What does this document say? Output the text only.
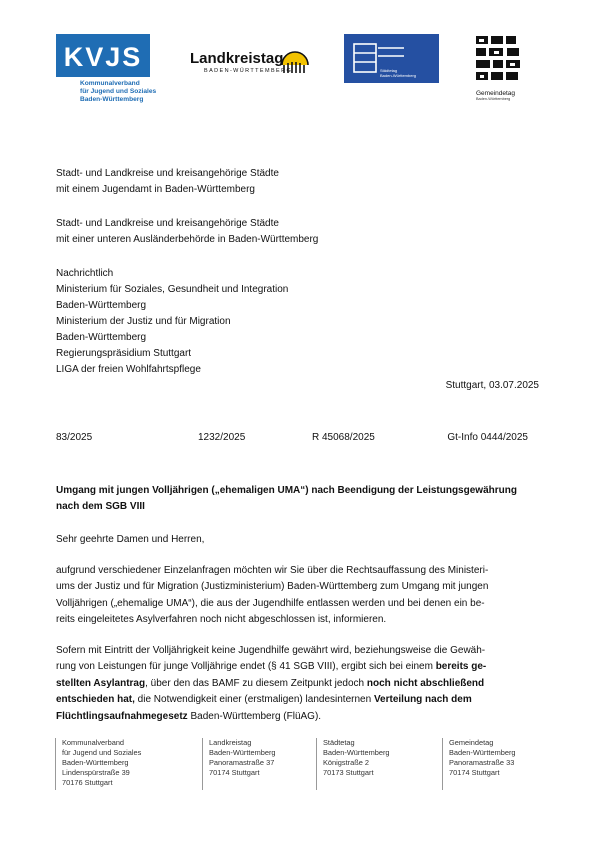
KVJS
Kommunalverband
für Jugend und Soziales
Baden-Württemberg
Landkreistag
BADEN-WÜRTTEMBERG	Städtetag
Baden-Württemberg
Gemeindetag
Baden-Württemberg
Stadt- und Landkreise und kreisangehörige Städte
mit einem Jugendamt in Baden-Württemberg
Stadt- und Landkreise und kreisangehörige Städte
mit einer unteren Ausländerbehörde in Baden-Württemberg
Nachrichtlich
Ministerium für Soziales, Gesundheit und Integration
Baden-Württemberg
Ministerium der Justiz und für Migration
Baden-Württemberg
Regierungspräsidium Stuttgart
LIGA der freien Wohlfahrtspflege
Stuttgart, 03.07.2025
83/2025	1232/2025	R 45068/2025	Gt-Info 0444/2025
Umgang mit jungen Volljährigen („ehemaligen UMA“) nach Beendigung der Leistungsgewährung
nach dem SGB VIII
Sehr geehrte Damen und Herren,
aufgrund verschiedener Einzelanfragen möchten wir Sie über die Rechtsauffassung des Ministeri-
ums der Justiz und für Migration (Justizministerium) Baden-Württemberg zum Umgang mit jungen
Volljährigen („ehemalige UMA“), die aus der Jugendhilfe entlassen werden und bei denen ein be-
reits eingeleitetes Asylverfahren noch nicht abgeschlossen ist, informieren.
Sofern mit Eintritt der Volljährigkeit keine Jugendhilfe gewährt wird, beziehungsweise die Gewäh-
rung von Leistungen für junge Volljährige endet (§ 41 SGB VIII), ergibt sich bei einem bereits ge-
stellten Asylantrag, über den das BAMF zu diesem Zeitpunkt jedoch noch nicht abschließend
entschieden hat, die Notwendigkeit einer (erstmaligen) landesinternen Verteilung nach dem
Flüchtlingsaufnahmegesetz Baden-Württemberg (FlüAG).
Kommunalverband
für Jugend und Soziales
Baden-Württemberg
Lindenspürstraße 39
70176 Stuttgart
Landkreistag
Baden-Württemberg
Panoramastraße 37
70174 Stuttgart
Städtetag
Baden-Württemberg
Königstraße 2
70173 Stuttgart
Gemeindetag
Baden-Württemberg
Panoramastraße 33
70174 Stuttgart
